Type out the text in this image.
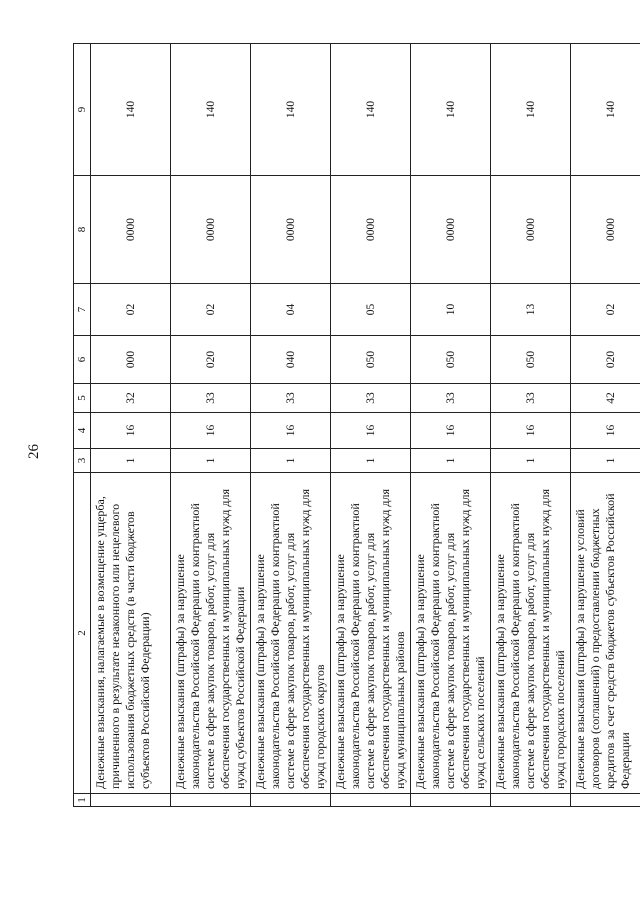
26
1	2	3	4	5	6	7	8	9
	Денежные взыскания, налагаемые в возмещение ущерба, причиненного в результате незаконного или нецелевого использования бюджетных средств (в части бюджетов субъектов Российской Федерации)	1	16	32	000	02	0000	140
	Денежные взыскания (штрафы) за нарушение законодательства Российской Федерации о контрактной системе в сфере закупок товаров, работ, услуг для обеспечения государственных и муниципальных нужд для нужд субъектов Российской Федерации	1	16	33	020	02	0000	140
	Денежные взыскания (штрафы) за нарушение законодательства Российской Федерации о контрактной системе в сфере закупок товаров, работ, услуг для обеспечения государственных и муниципальных нужд для нужд городских округов	1	16	33	040	04	0000	140
	Денежные взыскания (штрафы) за нарушение законодательства Российской Федерации о контрактной системе в сфере закупок товаров, работ, услуг для обеспечения государственных и муниципальных нужд для нужд муниципальных районов	1	16	33	050	05	0000	140
	Денежные взыскания (штрафы) за нарушение законодательства Российской Федерации о контрактной системе в сфере закупок товаров, работ, услуг для обеспечения государственных и муниципальных нужд для нужд сельских поселений	1	16	33	050	10	0000	140
	Денежные взыскания (штрафы) за нарушение законодательства Российской Федерации о контрактной системе в сфере закупок товаров, работ, услуг для обеспечения государственных и муниципальных нужд для нужд городских поселений	1	16	33	050	13	0000	140
	Денежные взыскания (штрафы) за нарушение условий договоров (соглашений) о предоставлении бюджетных кредитов за счет средств бюджетов субъектов Российской Федерации	1	16	42	020	02	0000	140
